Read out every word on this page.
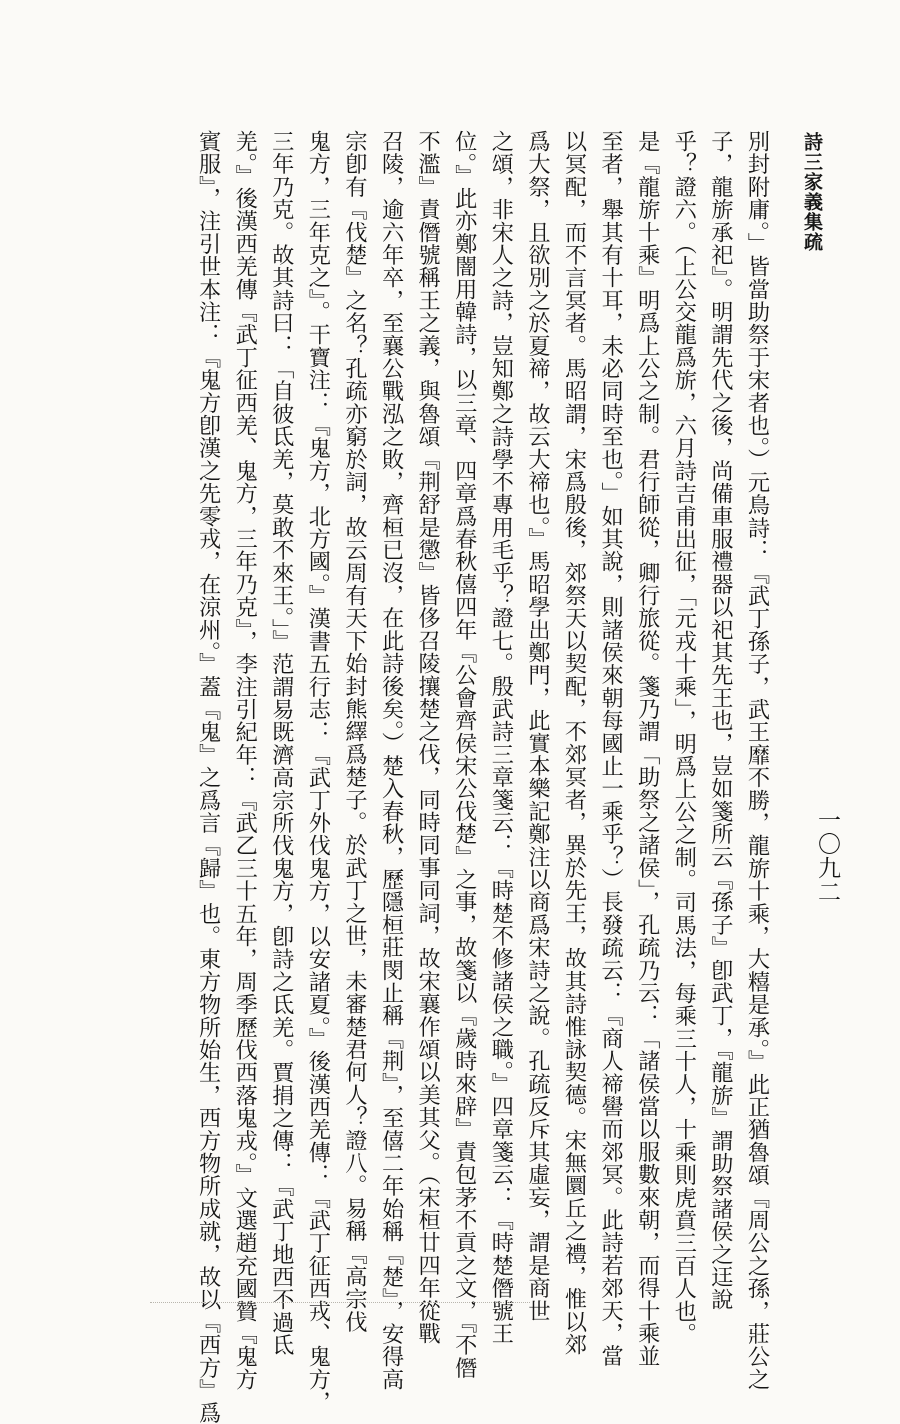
詩三家義集疏
一〇九二
別封附庸。」皆當助祭于宋者也。）元鳥詩：『武丁孫子，武王靡不勝，龍旂十乘，大糦是承。』此正猶魯頌『周公之孫，莊公之
子，龍旂承祀』。明謂先代之後，尚備車服禮器以祀其先王也，豈如箋所云『孫子』卽武丁，『龍旂』謂助祭諸侯之迋說
乎？證六。（上公交龍爲旂，六月詩吉甫出征，「元戎十乘」，明爲上公之制。司馬法，每乘三十人，十乘則虎賁三百人也。
是『龍旂十乘』明爲上公之制。君行師從，卿行旅從。箋乃謂「助祭之諸侯」，孔疏乃云：「諸侯當以服數來朝，而得十乘並
至者，舉其有十耳，未必同時至也。」如其說，則諸侯來朝每國止一乘乎？）長發疏云：『商人禘嚳而郊冥。此詩若郊天，當
以冥配，而不言冥者。馬昭謂，宋爲殷後，郊祭天以契配，不郊冥者，異於先王，故其詩惟詠契德。宋無圜丘之禮，惟以郊
爲大祭，且欲別之於夏禘，故云大禘也。』馬昭學出鄭門，此實本樂記鄭注以商爲宋詩之說。孔疏反斥其虛妄，謂是商世
之頌，非宋人之詩，豈知鄭之詩學不專用毛乎？證七。殷武詩三章箋云：『時楚不修諸侯之職。』四章箋云：『時楚僭號王
位。』此亦鄭闇用韓詩，以三章、四章爲春秋僖四年『公會齊侯宋公伐楚』之事，故箋以『歲時來辟』責包茅不貢之文，『不僭
不濫』責僭號稱王之義，與魯頌『荆舒是懲』皆侈召陵攘楚之伐，同時同事同詞，故宋襄作頌以美其父。（宋桓廿四年從戰
召陵，逾六年卒，至襄公戰泓之敗，齊桓已沒，在此詩後矣。）楚入春秋，歷隱桓莊閔止稱『荆』，至僖二年始稱『楚』，安得高
宗卽有『伐楚』之名？孔疏亦窮於詞，故云周有天下始封熊繹爲楚子。於武丁之世，未審楚君何人？證八。易稱『高宗伐
鬼方，三年克之』。干寶注：『鬼方，北方國。』漢書五行志：『武丁外伐鬼方，以安諸夏。』後漢西羌傳：『武丁征西戎、鬼方，
三年乃克。故其詩曰：「自彼氐羌，莫敢不來王。」』范謂易既濟高宗所伐鬼方，卽詩之氐羌。賈捐之傳：『武丁地西不過氐
羌。』後漢西羌傳『武丁征西羌、鬼方，三年乃克』，李注引紀年：『武乙三十五年，周季歷伐西落鬼戎。』文選趙充國贊『鬼方
賓服』，注引世本注：『鬼方卽漢之先零戎，在涼州。』蓋『鬼』之爲言『歸』也。東方物所始生，西方物所成就，故以『西方』爲
